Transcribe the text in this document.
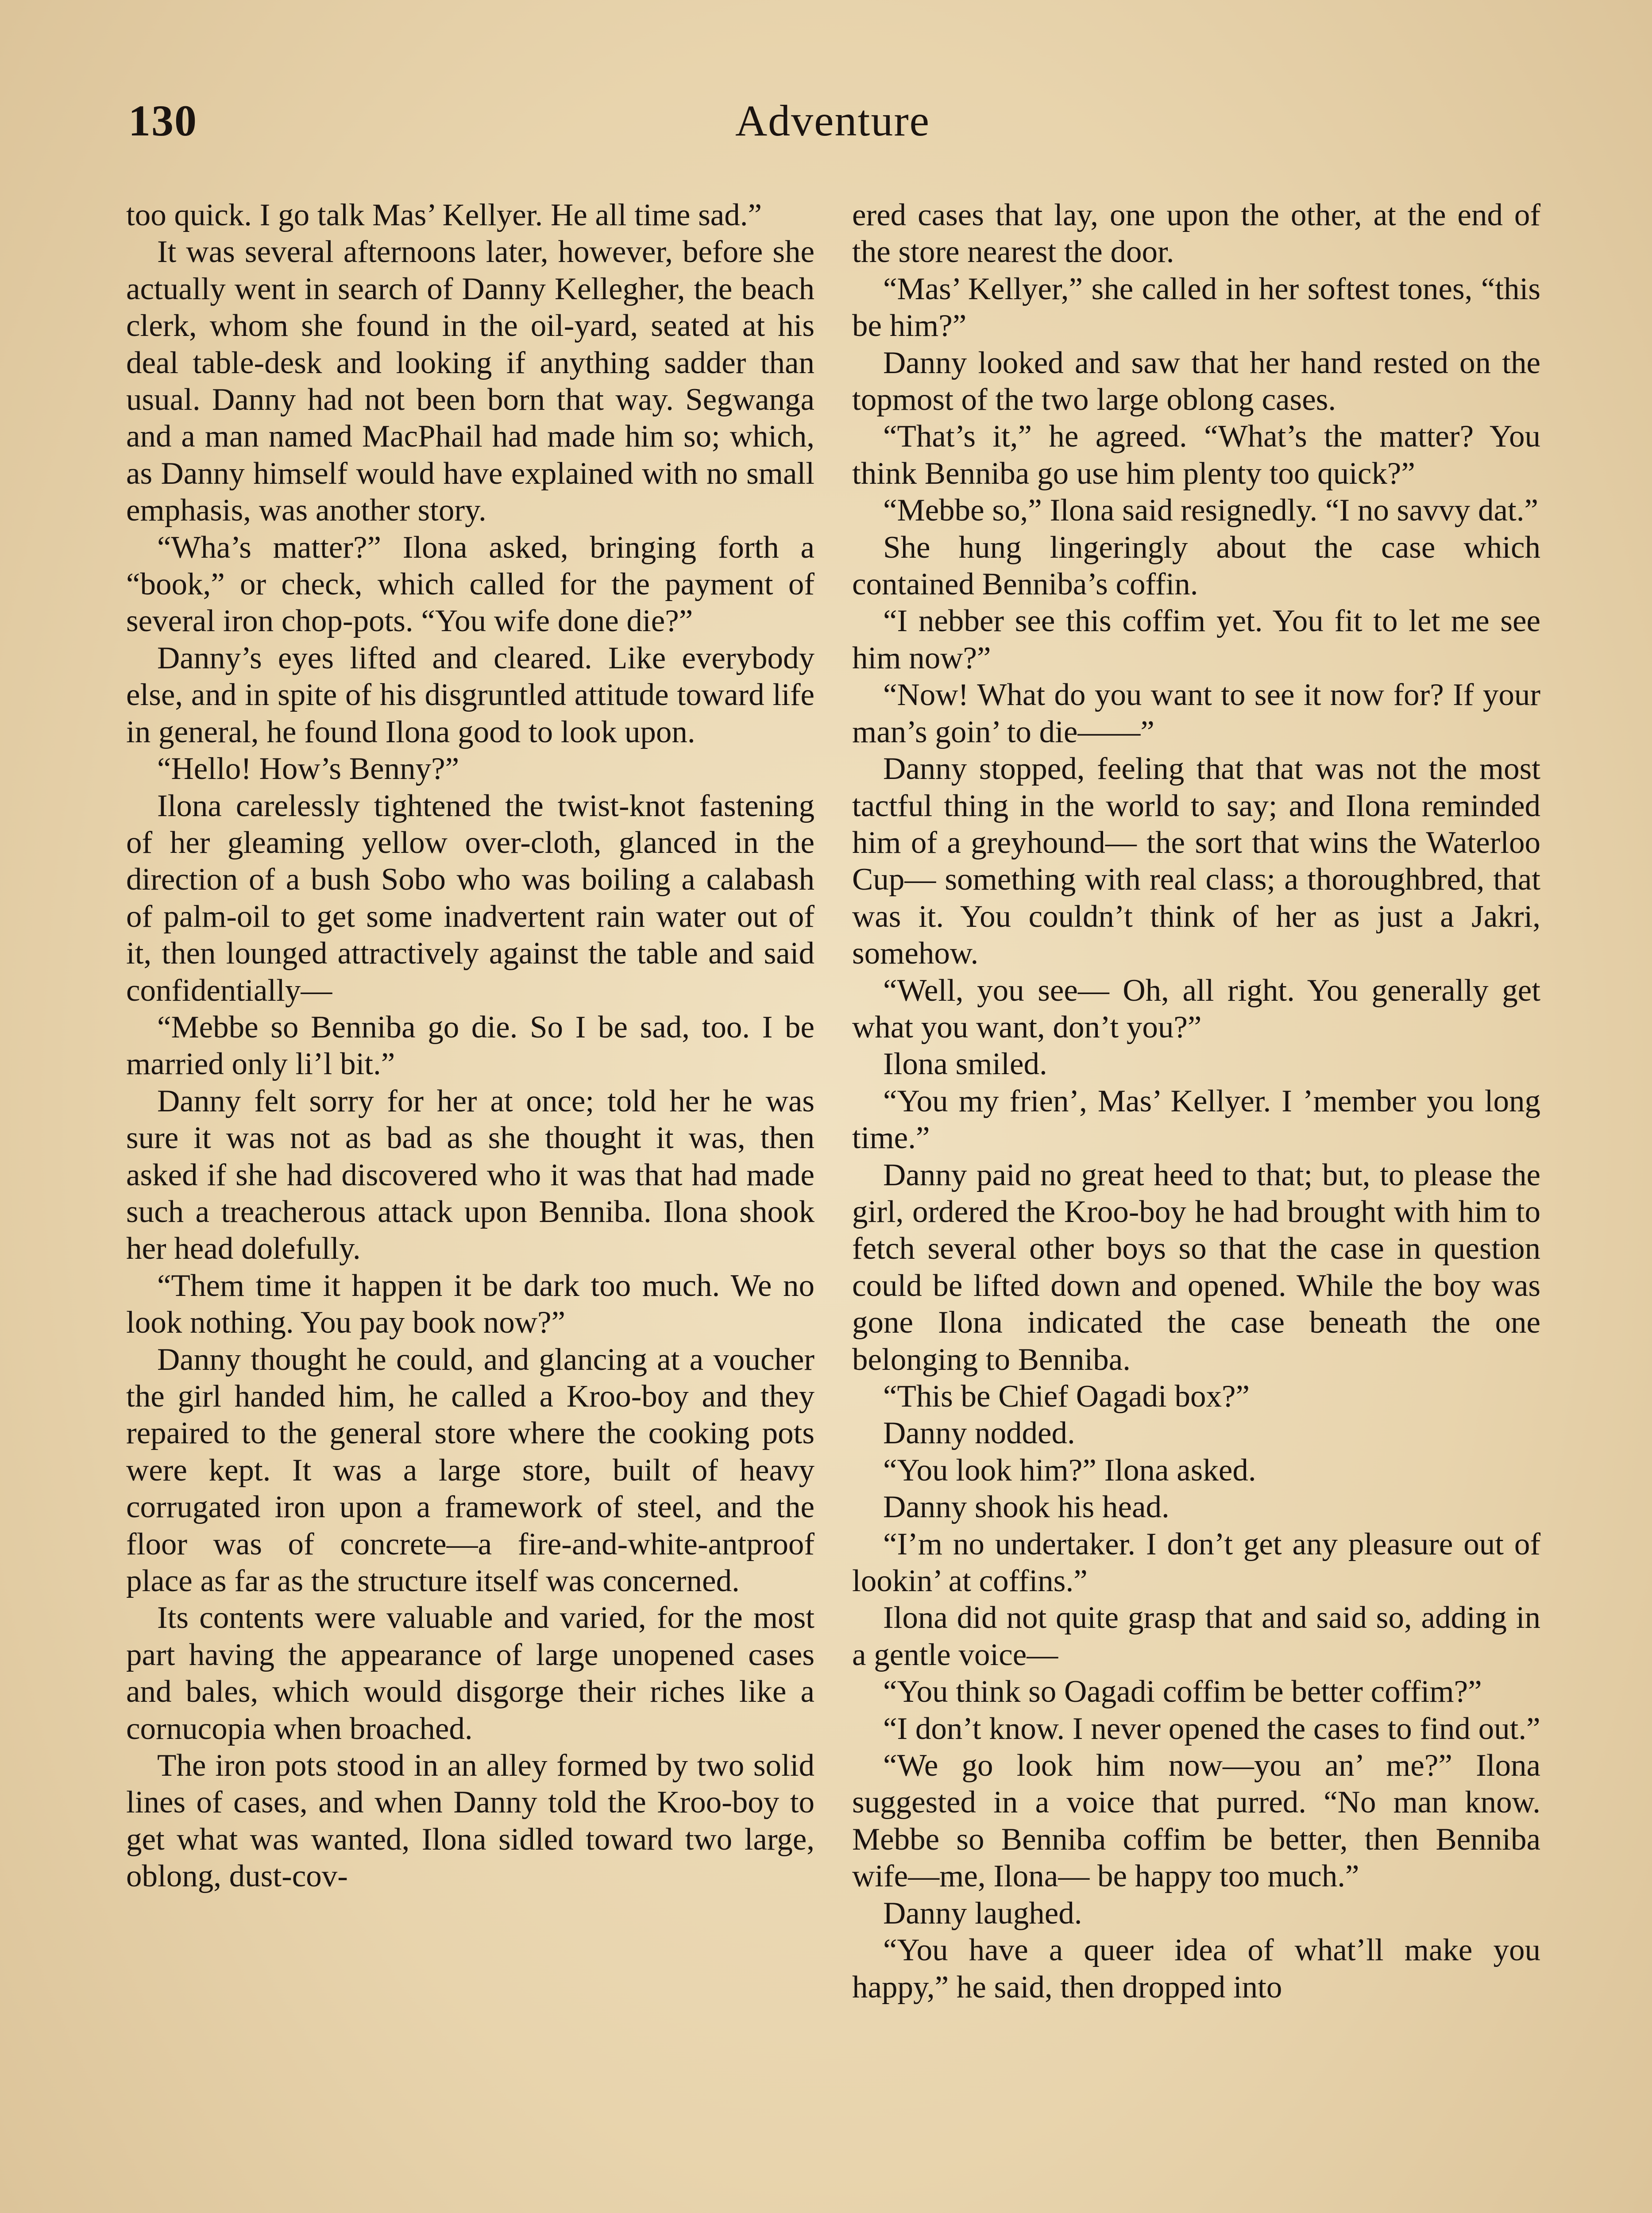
130	Adventure

too quick. I go talk Mas’ Kellyer. He all time sad.”

It was several afternoons later, however, before she actually went in search of Danny Kellegher, the beach clerk, whom she found in the oil-yard, seated at his deal table-desk and looking if anything sadder than usual. Danny had not been born that way. Segwanga and a man named MacPhail had made him so; which, as Danny himself would have explained with no small emphasis, was another story.

“Wha’s matter?” Ilona asked, bringing forth a “book,” or check, which called for the payment of several iron chop-pots. “You wife done die?”

Danny’s eyes lifted and cleared. Like everybody else, and in spite of his disgruntled attitude toward life in general, he found Ilona good to look upon.

“Hello! How’s Benny?”

Ilona carelessly tightened the twist-knot fastening of her gleaming yellow over-cloth, glanced in the direction of a bush Sobo who was boiling a calabash of palm-oil to get some inadvertent rain water out of it, then lounged attractively against the table and said confidentially—

“Mebbe so Benniba go die. So I be sad, too. I be married only li’l bit.”

Danny felt sorry for her at once; told her he was sure it was not as bad as she thought it was, then asked if she had discovered who it was that had made such a treacherous attack upon Benniba. Ilona shook her head dolefully.

“Them time it happen it be dark too much. We no look nothing. You pay book now?”

Danny thought he could, and glancing at a voucher the girl handed him, he called a Kroo-boy and they repaired to the general store where the cooking pots were kept. It was a large store, built of heavy corrugated iron upon a framework of steel, and the floor was of concrete—a fire-and-white-antproof place as far as the structure itself was concerned.

Its contents were valuable and varied, for the most part having the appearance of large unopened cases and bales, which would disgorge their riches like a cornucopia when broached.

The iron pots stood in an alley formed by two solid lines of cases, and when Danny told the Kroo-boy to get what was wanted, Ilona sidled toward two large, oblong, dust-cov-

ered cases that lay, one upon the other, at the end of the store nearest the door.

“Mas’ Kellyer,” she called in her softest tones, “this be him?”

Danny looked and saw that her hand rested on the topmost of the two large oblong cases.

“That’s it,” he agreed. “What’s the matter? You think Benniba go use him plenty too quick?”

“Mebbe so,” Ilona said resignedly. “I no savvy dat.”

She hung lingeringly about the case which contained Benniba’s coffin.

“I nebber see this coffim yet. You fit to let me see him now?”

“Now! What do you want to see it now for? If your man’s goin’ to die——”

Danny stopped, feeling that that was not the most tactful thing in the world to say; and Ilona reminded him of a greyhound— the sort that wins the Waterloo Cup— something with real class; a thoroughbred, that was it. You couldn’t think of her as just a Jakri, somehow.

“Well, you see— Oh, all right. You generally get what you want, don’t you?”

Ilona smiled.

“You my frien’, Mas’ Kellyer. I ’member you long time.”

Danny paid no great heed to that; but, to please the girl, ordered the Kroo-boy he had brought with him to fetch several other boys so that the case in question could be lifted down and opened. While the boy was gone Ilona indicated the case beneath the one belonging to Benniba.

“This be Chief Oagadi box?”

Danny nodded.

“You look him?” Ilona asked.

Danny shook his head.

“I’m no undertaker. I don’t get any pleasure out of lookin’ at coffins.”

Ilona did not quite grasp that and said so, adding in a gentle voice—

“You think so Oagadi coffim be better coffim?”

“I don’t know. I never opened the cases to find out.”

“We go look him now—you an’ me?” Ilona suggested in a voice that purred. “No man know. Mebbe so Benniba coffim be better, then Benniba wife—me, Ilona— be happy too much.”

Danny laughed.

“You have a queer idea of what’ll make you happy,” he said, then dropped into
